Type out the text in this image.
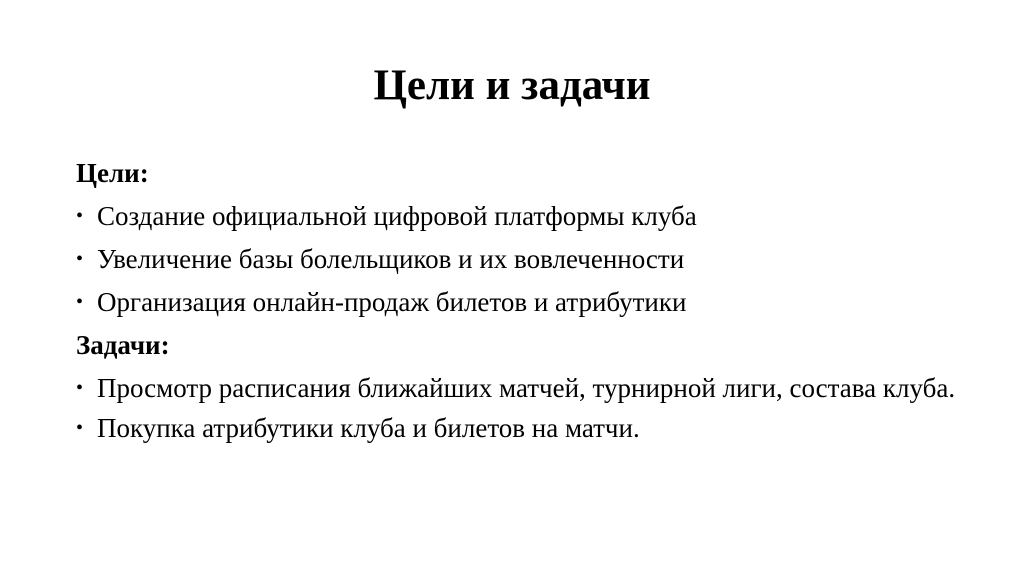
Цели и задачи
Цели:
• Создание официальной цифровой платформы клуба
• Увеличение базы болельщиков и их вовлеченности
• Организация онлайн-продаж билетов и атрибутики
Задачи:
• Просмотр расписания ближайших матчей, турнирной лиги, состава клуба.
• Покупка атрибутики клуба и билетов на матчи.
